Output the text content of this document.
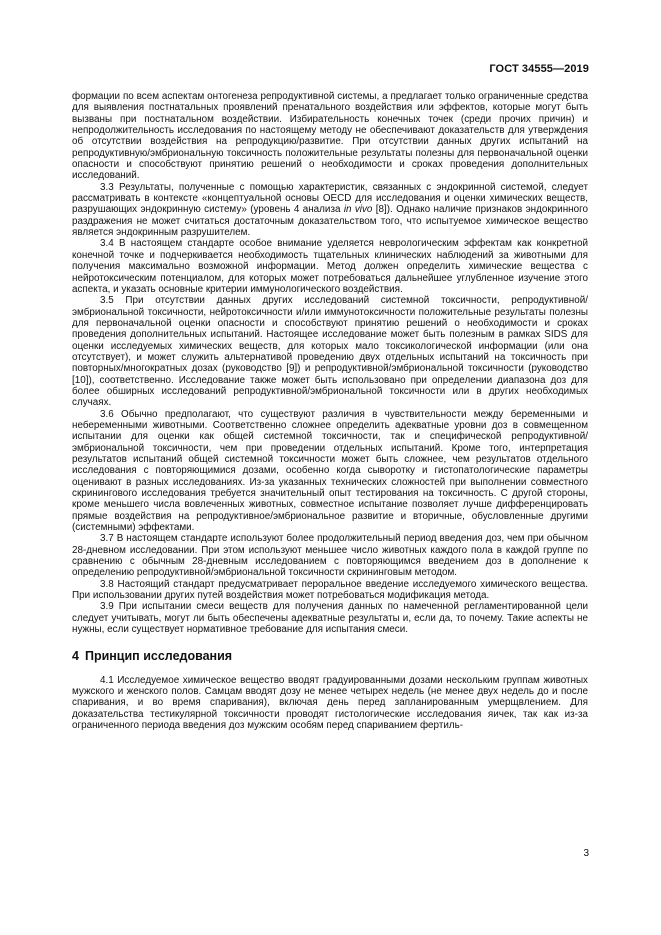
ГОСТ 34555—2019

формации по всем аспектам онтогенеза репродуктивной системы, а предлагает только ограниченные средства для выявления постнатальных проявлений пренатального воздействия или эффектов, которые могут быть вызваны при постнатальном воздействии. Избирательность конечных точек (среди прочих причин) и непродолжительность исследования по настоящему методу не обеспечивают доказательств для утверждения об отсутствии воздействия на репродукцию/развитие. При отсутствии данных других испытаний на репродуктивную/эмбриональную токсичность положительные результаты полезны для первоначальной оценки опасности и способствуют принятию решений о необходимости и сроках проведения дополнительных исследований.

3.3 Результаты, полученные с помощью характеристик, связанных с эндокринной системой, следует рассматривать в контексте «концептуальной основы OECD для исследования и оценки химических веществ, разрушающих эндокринную систему» (уровень 4 анализа in vivo [8]). Однако наличие признаков эндокринного раздражения не может считаться достаточным доказательством того, что испытуемое химическое вещество является эндокринным разрушителем.

3.4 В настоящем стандарте особое внимание уделяется неврологическим эффектам как конкретной конечной точке и подчеркивается необходимость тщательных клинических наблюдений за животными для получения максимально возможной информации. Метод должен определить химические вещества с нейротоксическим потенциалом, для которых может потребоваться дальнейшее углубленное изучение этого аспекта, и указать основные критерии иммунологического воздействия.

3.5 При отсутствии данных других исследований системной токсичности, репродуктивной/эмбриональной токсичности, нейротоксичности и/или иммунотоксичности положительные результаты полезны для первоначальной оценки опасности и способствуют принятию решений о необходимости и сроках проведения дополнительных испытаний. Настоящее исследование может быть полезным в рамках SIDS для оценки исследуемых химических веществ, для которых мало токсикологической информации (или она отсутствует), и может служить альтернативой проведению двух отдельных испытаний на токсичность при повторных/многократных дозах (руководство [9]) и репродуктивной/эмбриональной токсичности (руководство [10]), соответственно. Исследование также может быть использовано при определении диапазона доз для более обширных исследований репродуктивной/эмбриональной токсичности или в других необходимых случаях.

3.6 Обычно предполагают, что существуют различия в чувствительности между беременными и небеременными животными. Соответственно сложнее определить адекватные уровни доз в совмещенном испытании для оценки как общей системной токсичности, так и специфической репродуктивной/эмбриональной токсичности, чем при проведении отдельных испытаний. Кроме того, интерпретация результатов испытаний общей системной токсичности может быть сложнее, чем результатов отдельного исследования с повторяющимися дозами, особенно когда сыворотку и гистопатологические параметры оценивают в разных исследованиях. Из-за указанных технических сложностей при выполнении совместного скринингового исследования требуется значительный опыт тестирования на токсичность. С другой стороны, кроме меньшего числа вовлеченных животных, совместное испытание позволяет лучше дифференцировать прямые воздействия на репродуктивное/эмбриональное развитие и вторичные, обусловленные другими (системными) эффектами.

3.7 В настоящем стандарте используют более продолжительный период введения доз, чем при обычном 28-дневном исследовании. При этом используют меньшее число животных каждого пола в каждой группе по сравнению с обычным 28-дневным исследованием с повторяющимся введением доз в дополнение к определению репродуктивной/эмбриональной токсичности скрининговым методом.

3.8 Настоящий стандарт предусматривает пероральное введение исследуемого химического вещества. При использовании других путей воздействия может потребоваться модификация метода.

3.9 При испытании смеси веществ для получения данных по намеченной регламентированной цели следует учитывать, могут ли быть обеспечены адекватные результаты и, если да, то почему. Такие аспекты не нужны, если существует нормативное требование для испытания смеси.

4 Принцип исследования

4.1 Исследуемое химическое вещество вводят градуированными дозами нескольким группам животных мужского и женского полов. Самцам вводят дозу не менее четырех недель (не менее двух недель до и после спаривания, и во время спаривания), включая день перед запланированным умерщвлением. Для доказательства тестикулярной токсичности проводят гистологические исследования яичек, так как из-за ограниченного периода введения доз мужским особям перед спариванием фертиль-

3
